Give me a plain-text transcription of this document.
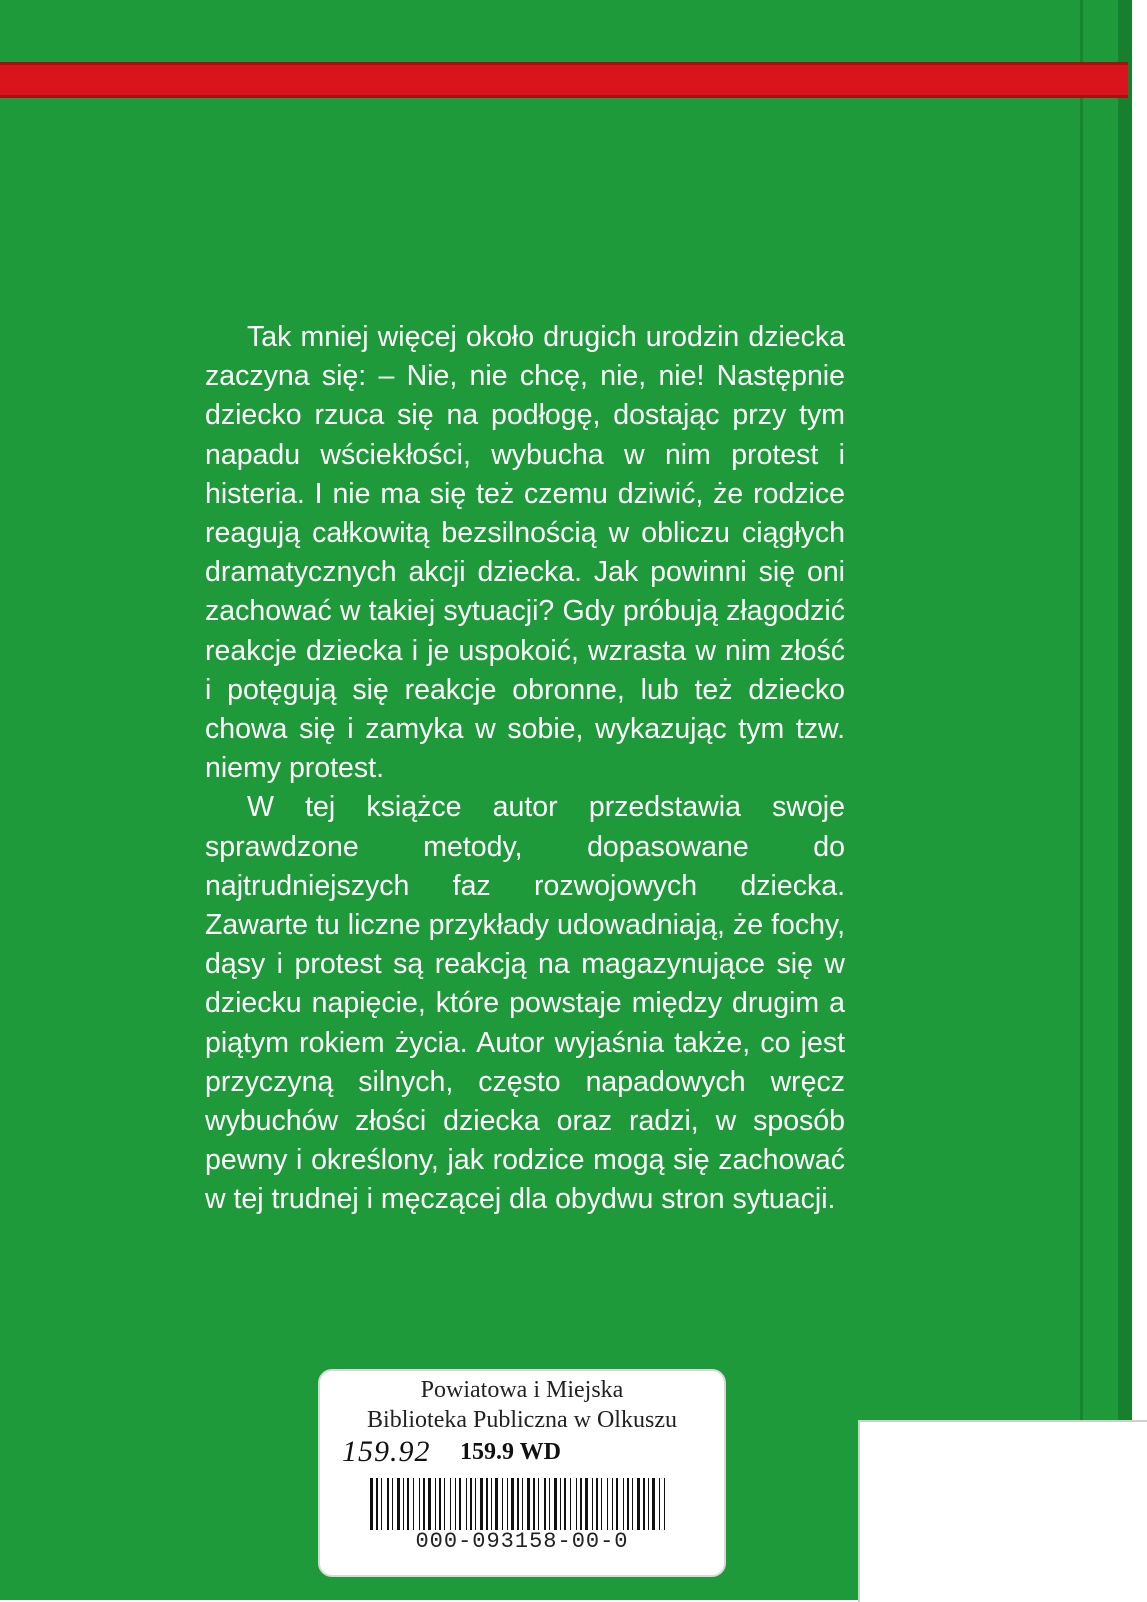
Tak mniej więcej około drugich urodzin dziecka zaczyna się: – Nie, nie chcę, nie, nie! Następnie dziecko rzuca się na podłogę, dostając przy tym napadu wściekłości, wybucha w nim protest i histeria. I nie ma się też czemu dziwić, że rodzice reagują całkowitą bezsilnością w obliczu ciągłych dramatycznych akcji dziecka. Jak powinni się oni zachować w takiej sytuacji? Gdy próbują złagodzić reakcje dziecka i je uspokoić, wzrasta w nim złość i potęgują się reakcje obronne, lub też dziecko chowa się i zamyka w sobie, wykazując tym tzw. niemy protest.

W tej książce autor przedstawia swoje sprawdzone metody, dopasowane do najtrudniejszych faz rozwojowych dziecka. Zawarte tu liczne przykłady udowadniają, że fochy, dąsy i protest są reakcją na magazynujące się w dziecku napięcie, które powstaje między drugim a piątym rokiem życia. Autor wyjaśnia także, co jest przyczyną silnych, często napadowych wręcz wybuchów złości dziecka oraz radzi, w sposób pewny i określony, jak rodzice mogą się zachować w tej trudnej i męczącej dla obydwu stron sytuacji.

Powiatowa i Miejska
Biblioteka Publiczna w Olkuszu
159.92 159.9 WD
000-093158-00-0
